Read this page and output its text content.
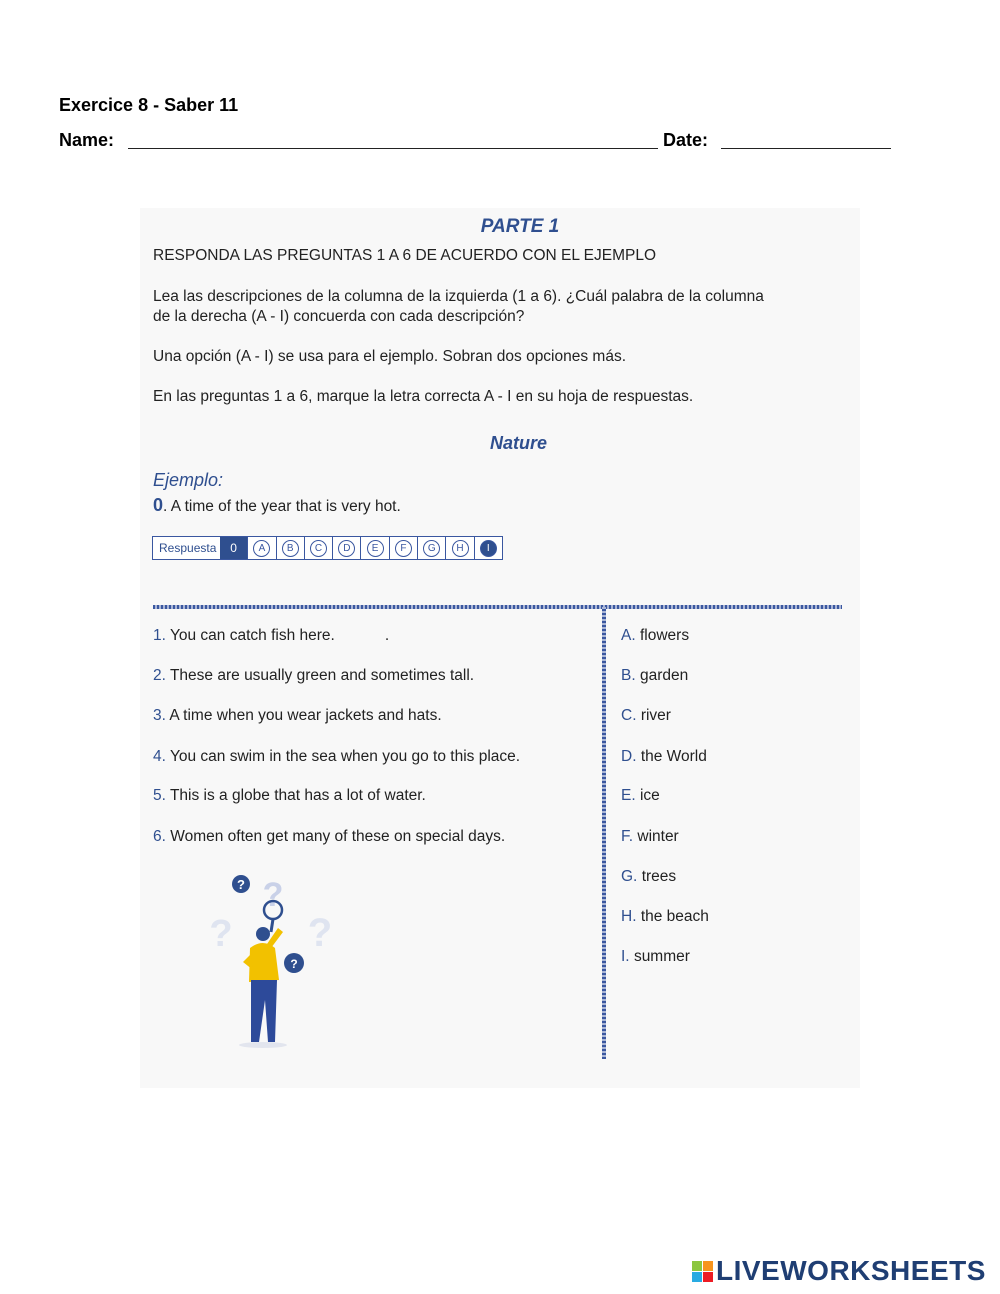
Exercice 8 - Saber 11
Name:	Date:
PARTE 1
RESPONDA LAS PREGUNTAS 1 A 6 DE ACUERDO CON EL EJEMPLO
Lea las descripciones de la columna de la izquierda (1 a 6). ¿Cuál palabra de la columna
de la derecha (A - I) concuerda con cada descripción?
Una opción (A - I) se usa para el ejemplo. Sobran dos opciones más.
En las preguntas 1 a 6, marque la letra correcta A - I en su hoja de respuestas.
Nature
Ejemplo:
0. A time of the year that is very hot.
Respuesta	0	A	B	C	D	E	F	G	H	I
1. You can catch fish here.	.
2. These are usually green and sometimes tall.
3. A time when you wear jackets and hats.
4. You can swim in the sea when you go to this place.
5. This is a globe that has a lot of water.
6. Women often get many of these on special days.
A. flowers
B. garden
C. river
D. the World
E. ice
F. winter
G. trees
H. the beach
I. summer
? ?
? ?
?
LIVEWORKSHEETS
